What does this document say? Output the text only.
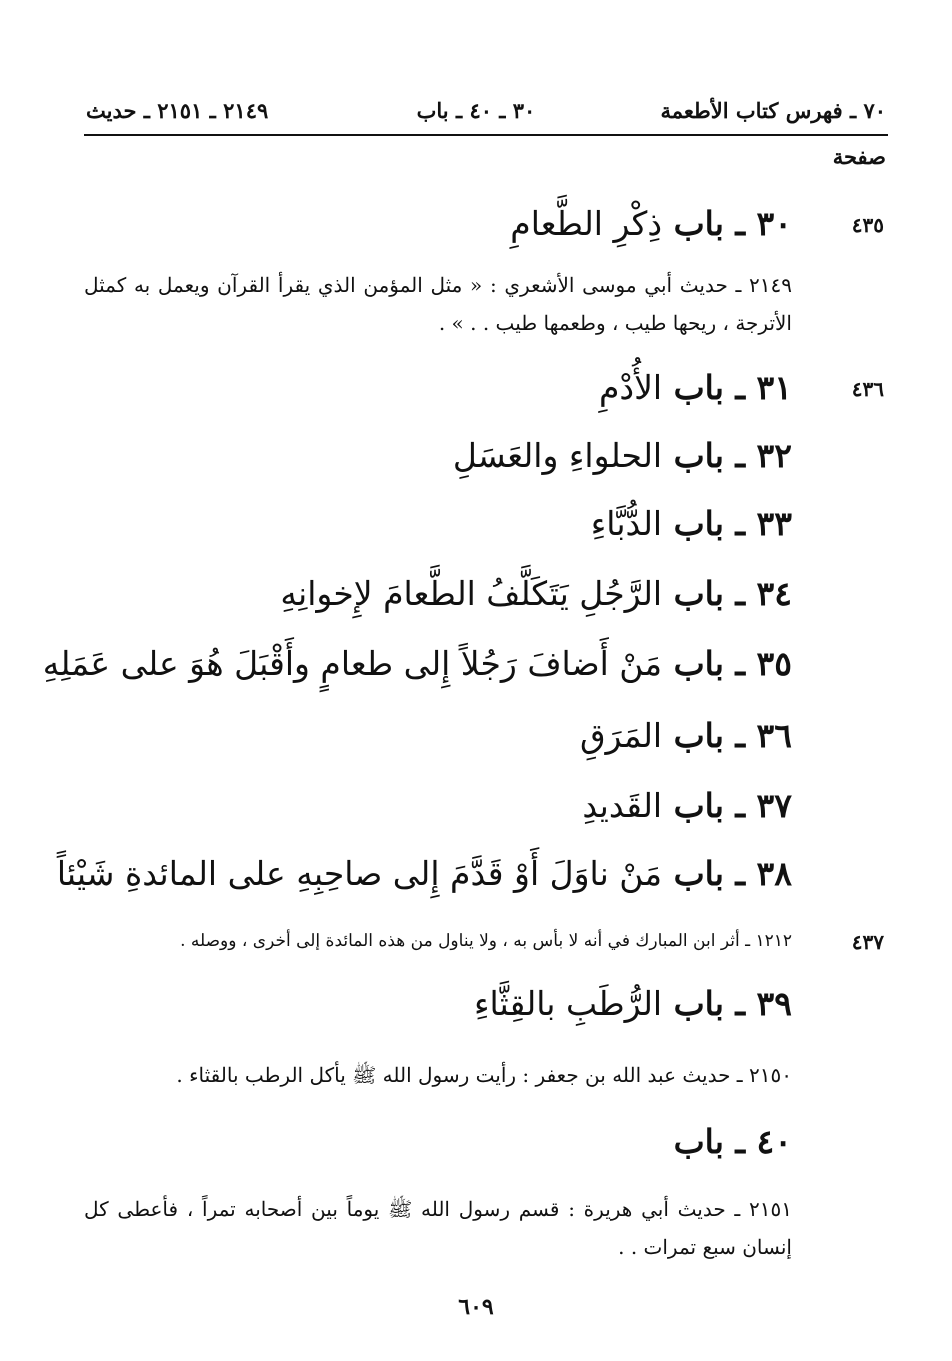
٧٠ ـ فهرس كتاب الأطعمة
٣٠ ـ ٤٠ ـ باب
٢١٤٩ ـ ٢١٥١ ـ حديث
صفحة
٤٣٥
٣٠ ـ باب ذِكْرِ الطَّعامِ
٢١٤٩ ـ حديث أبي موسى الأشعري : « مثل المؤمن الذي يقرأ القرآن ويعمل به كمثل الأترجة ، ريحها طيب ، وطعمها طيب . . » .
٤٣٦
٣١ ـ باب الأُدْمِ
٣٢ ـ باب الحلواءِ والعَسَلِ
٣٣ ـ باب الدُّبَّاءِ
٣٤ ـ باب الرَّجُلِ يَتَكَلَّفُ الطَّعامَ لإِخوانِهِ
٣٥ ـ باب مَنْ أَضافَ رَجُلاً إِلى طعامٍ وأَقْبَلَ هُوَ على عَمَلِهِ
٣٦ ـ باب المَرَقِ
٣٧ ـ باب القَديدِ
٣٨ ـ باب مَنْ ناوَلَ أَوْ قَدَّمَ إِلى صاحِبِهِ على المائدةِ شَيْئاً
٤٣٧
١٢١٢ ـ أثر ابن المبارك في أنه لا بأس به ، ولا يناول من هذه المائدة إلى أخرى ، ووصله .
٣٩ ـ باب الرُّطَبِ بالقِثَّاءِ
٢١٥٠ ـ حديث عبد الله بن جعفر : رأيت رسول الله ﷺ يأكل الرطب بالقثاء .
٤٠ ـ باب
٢١٥١ ـ حديث أبي هريرة : قسم رسول الله ﷺ يوماً بين أصحابه تمراً ، فأعطى كل إنسان سبع تمرات . .
٦٠٩
